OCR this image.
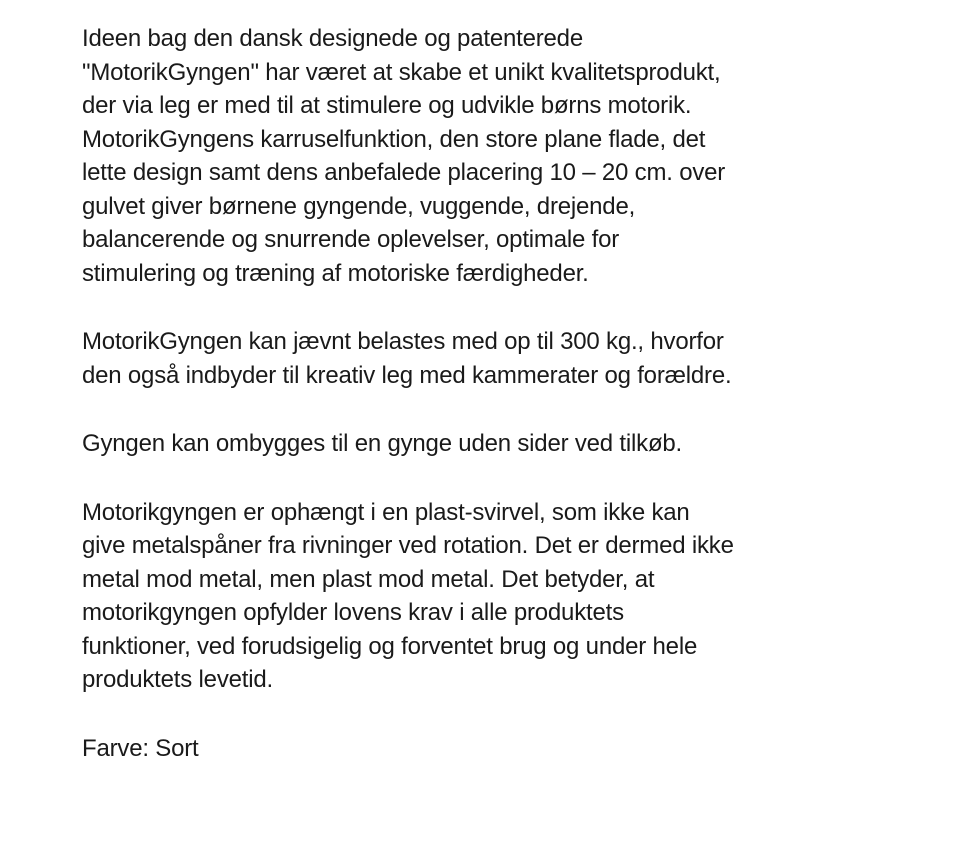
Ideen bag den dansk designede og patenterede
"MotorikGyngen" har været at skabe et unikt kvalitetsprodukt,
der via leg er med til at stimulere og udvikle børns motorik.
MotorikGyngens karruselfunktion, den store plane flade, det
lette design samt dens anbefalede placering 10 – 20 cm. over
gulvet giver børnene gyngende, vuggende, drejende,
balancerende og snurrende oplevelser, optimale for
stimulering og træning af motoriske færdigheder.

MotorikGyngen kan jævnt belastes med op til 300 kg., hvorfor
den også indbyder til kreativ leg med kammerater og forældre.

Gyngen kan ombygges til en gynge uden sider ved tilkøb.

Motorikgyngen er ophængt i en plast-svirvel, som ikke kan
give metalspåner fra rivninger ved rotation. Det er dermed ikke
metal mod metal, men plast mod metal. Det betyder, at
motorikgyngen opfylder lovens krav i alle produktets
funktioner, ved forudsigelig og forventet brug og under hele
produktets levetid.

Farve: Sort
